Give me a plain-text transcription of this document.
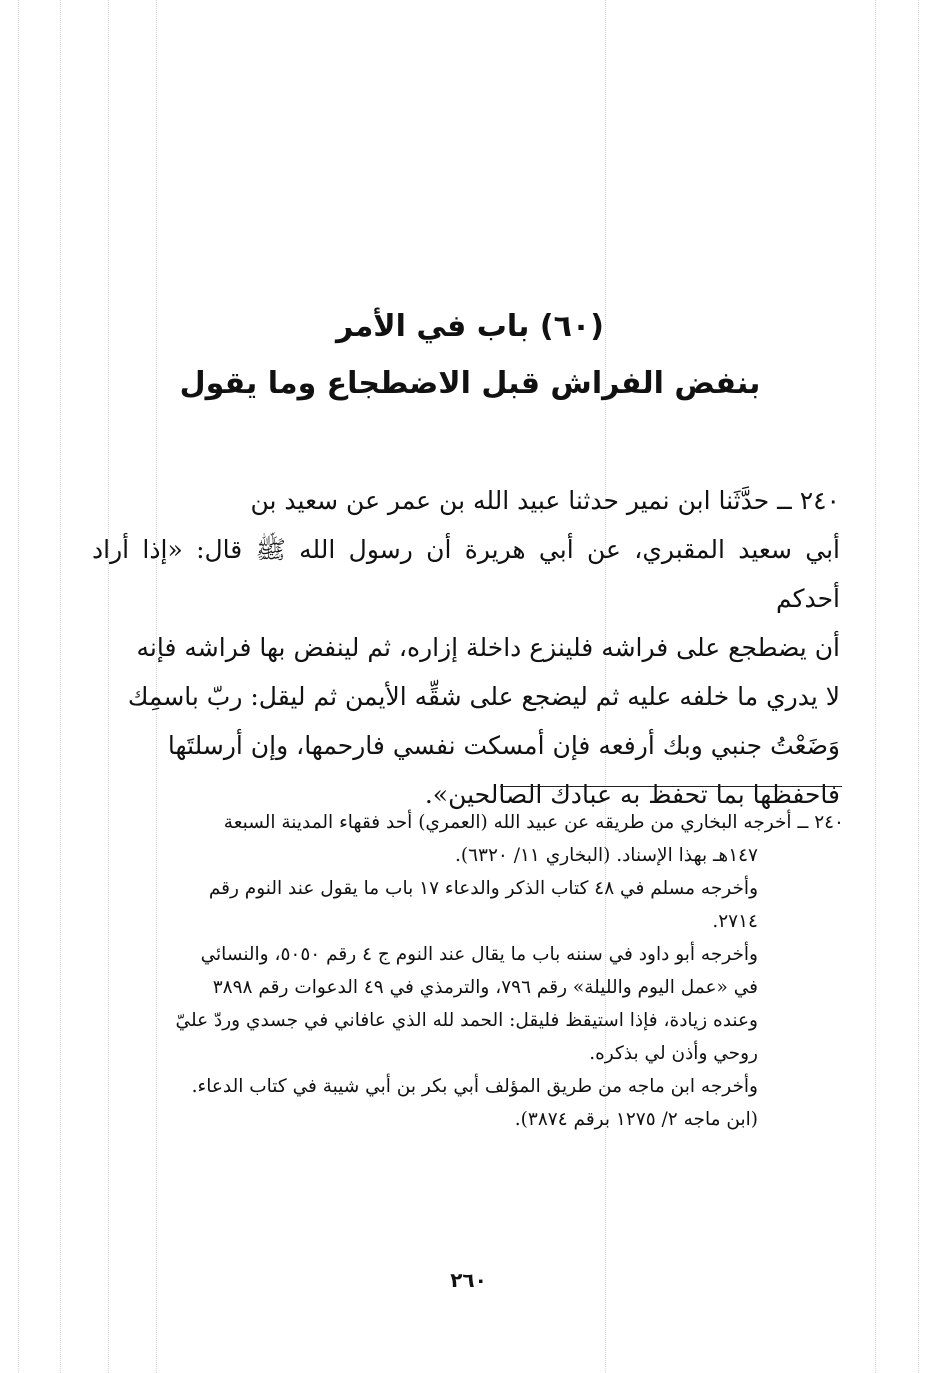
(٦٠) باب في الأمر
بنفض الفراش قبل الاضطجاع وما يقول

٢٤٠ ــ حدَّثَنا ابن نمير حدثنا عبيد الله بن عمر عن سعيد بن

أبي سعيد المقبري، عن أبي هريرة أن رسول الله ﷺ قال: «إذا أراد أحدكم

أن يضطجع على فراشه فلينزع داخلة إزاره، ثم لينفض بها فراشه فإنه

لا يدري ما خلفه عليه ثم ليضجع على شقِّه الأيمن ثم ليقل: ربّ باسمِك

وَضَعْتُ جنبي وبك أرفعه فإن أمسكت نفسي فارحمها، وإن أرسلتَها

فاحفظها بما تحفظ به عبادك الصالحين».

٢٤٠ ــ أخرجه البخاري من طريقه عن عبيد الله (العمري) أحد فقهاء المدينة السبعة

١٤٧هـ بهذا الإسناد. (البخاري ١١/ ٦٣٢٠).

وأخرجه مسلم في ٤٨ كتاب الذكر والدعاء ١٧ باب ما يقول عند النوم رقم

٢٧١٤.

وأخرجه أبو داود في سننه باب ما يقال عند النوم ج ٤ رقم ٥٠٥٠، والنسائي

في «عمل اليوم والليلة» رقم ٧٩٦، والترمذي في ٤٩ الدعوات رقم ٣٨٩٨

وعنده زيادة، فإذا استيقظ فليقل: الحمد لله الذي عافاني في جسدي وردّ عليّ

روحي وأذن لي بذكره.

وأخرجه ابن ماجه من طريق المؤلف أبي بكر بن أبي شيبة في كتاب الدعاء.

(ابن ماجه ٢/ ١٢٧٥ برقم ٣٨٧٤).

٢٦٠
